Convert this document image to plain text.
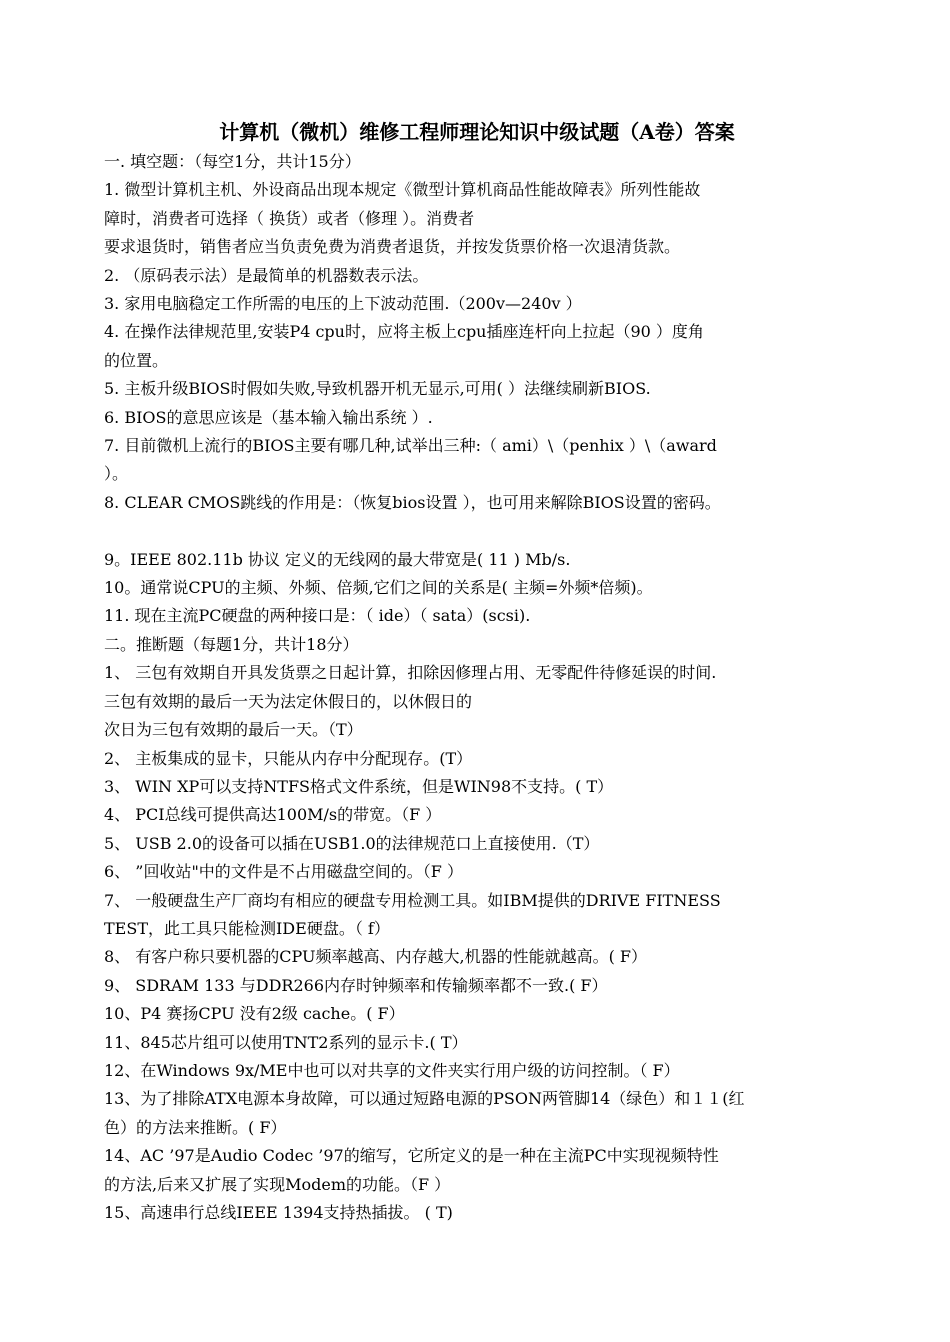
计算机（微机）维修工程师理论知识中级试题（A卷）答案
一. 填空题：（每空1分，共计15分）
1. 微型计算机主机、外设商品出现本规定《微型计算机商品性能故障表》所列性能故
障时，消费者可选择（ 换货）或者（修理 ）。消费者
要求退货时，销售者应当负责免费为消费者退货，并按发货票价格一次退清货款。
2. （原码表示法）是最简单的机器数表示法。
3. 家用电脑稳定工作所需的电压的上下波动范围.（200v—240v ）
4. 在操作法律规范里,安装P4 cpu时，应将主板上cpu插座连杆向上拉起（90 ）度角
的位置。
5. 主板升级BIOS时假如失败,导致机器开机无显示,可用( ）法继续刷新BIOS.
6. BIOS的意思应该是（基本输入输出系统 ）.
7. 目前微机上流行的BIOS主要有哪几种,试举出三种:（ ami）\（penhix ）\（award
）。
8. CLEAR CMOS跳线的作用是：（恢复bios设置 ），也可用来解除BIOS设置的密码。
9。IEEE 802.11b 协议 定义的无线网的最大带宽是( 11 ) Mb/s.
10。通常说CPU的主频、外频、倍频,它们之间的关系是( 主频=外频*倍频)。
11. 现在主流PC硬盘的两种接口是：（ ide）（ sata）(scsi).
二。推断题（每题1分，共计18分）
1、 三包有效期自开具发货票之日起计算，扣除因修理占用、无零配件待修延误的时间.
三包有效期的最后一天为法定休假日的，以休假日的
次日为三包有效期的最后一天。（T）
2、 主板集成的显卡，只能从内存中分配现存。(T）
3、 WIN XP可以支持NTFS格式文件系统，但是WIN98不支持。( T）
4、 PCI总线可提供高达100M/s的带宽。（F ）
5、 USB 2.0的设备可以插在USB1.0的法律规范口上直接使用.（T）
6、 ”回收站"中的文件是不占用磁盘空间的。（F ）
7、 一般硬盘生产厂商均有相应的硬盘专用检测工具。如IBM提供的DRIVE FITNESS
TEST，此工具只能检测IDE硬盘。（ f）
8、 有客户称只要机器的CPU频率越高、内存越大,机器的性能就越高。( F）
9、 SDRAM 133 与DDR266内存时钟频率和传输频率都不一致.( F）
10、P4 赛扬CPU 没有2级 cache。( F）
11、845芯片组可以使用TNT2系列的显示卡.( T）
12、在Windows 9x/ME中也可以对共享的文件夹实行用户级的访问控制。（ F）
13、为了排除ATX电源本身故障，可以通过短路电源的PSON两管脚14（绿色）和１１(红
色）的方法来推断。( F）
14、AC ’97是Audio Codec ’97的缩写，它所定义的是一种在主流PC中实现视频特性
的方法,后来又扩展了实现Modem的功能。（F ）
15、高速串行总线IEEE 1394支持热插拔。 ( T)
